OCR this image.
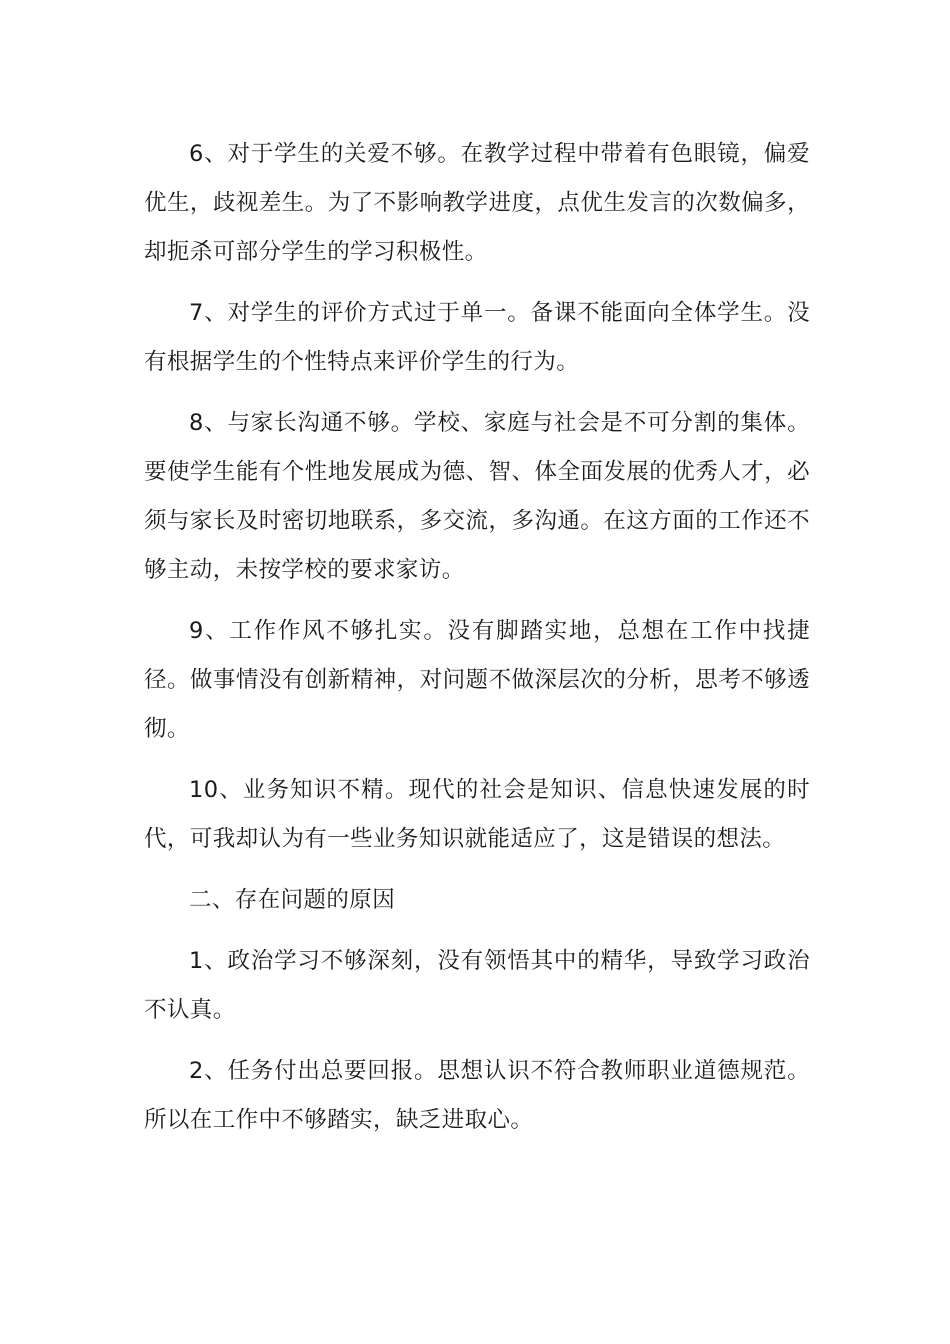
6、对于学生的关爱不够。在教学过程中带着有色眼镜，偏爱优生，歧视差生。为了不影响教学进度，点优生发言的次数偏多，却扼杀可部分学生的学习积极性。

7、对学生的评价方式过于单一。备课不能面向全体学生。没有根据学生的个性特点来评价学生的行为。

8、与家长沟通不够。学校、家庭与社会是不可分割的集体。要使学生能有个性地发展成为德、智、体全面发展的优秀人才，必须与家长及时密切地联系，多交流，多沟通。在这方面的工作还不够主动，未按学校的要求家访。

9、工作作风不够扎实。没有脚踏实地，总想在工作中找捷径。做事情没有创新精神，对问题不做深层次的分析，思考不够透彻。

10、业务知识不精。现代的社会是知识、信息快速发展的时代，可我却认为有一些业务知识就能适应了，这是错误的想法。

二、存在问题的原因

1、政治学习不够深刻，没有领悟其中的精华，导致学习政治不认真。

2、任务付出总要回报。思想认识不符合教师职业道德规范。所以在工作中不够踏实，缺乏进取心。
